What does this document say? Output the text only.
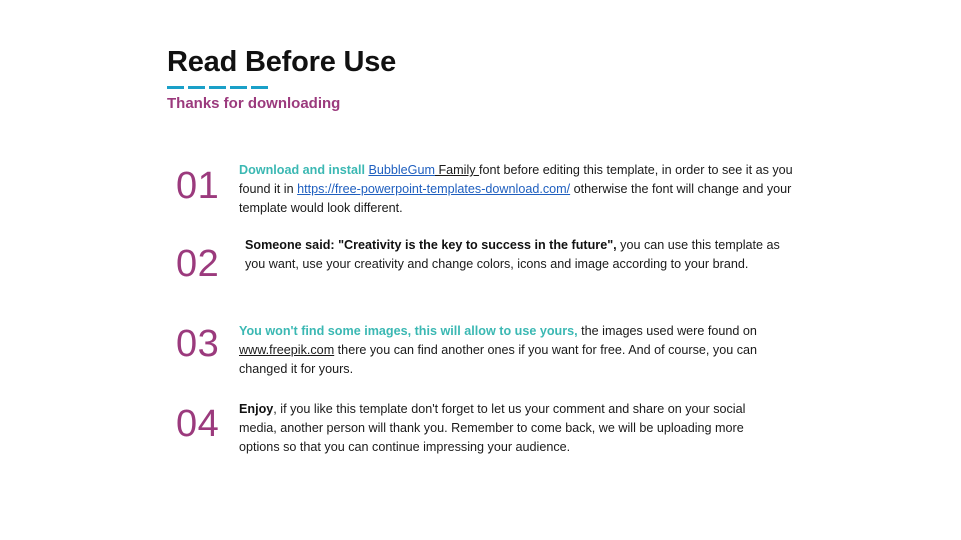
Read Before Use
Thanks for downloading
01 Download and install BubbleGum Family font before editing this template, in order to see it as you found it in https://free-powerpoint-templates-download.com/ otherwise the font will change and your template would look different.
02 Someone said: "Creativity is the key to success in the future", you can use this template as you want, use your creativity and change colors, icons and image according to your brand.
03 You won't find some images, this will allow to use yours, the images used were found on www.freepik.com there you can find another ones if you want for free. And of course, you can changed it for yours.
04 Enjoy, if you like this template don't forget to let us your comment and share on your social media, another person will thank you. Remember to come back, we will be uploading more options so that you can continue impressing your audience.
